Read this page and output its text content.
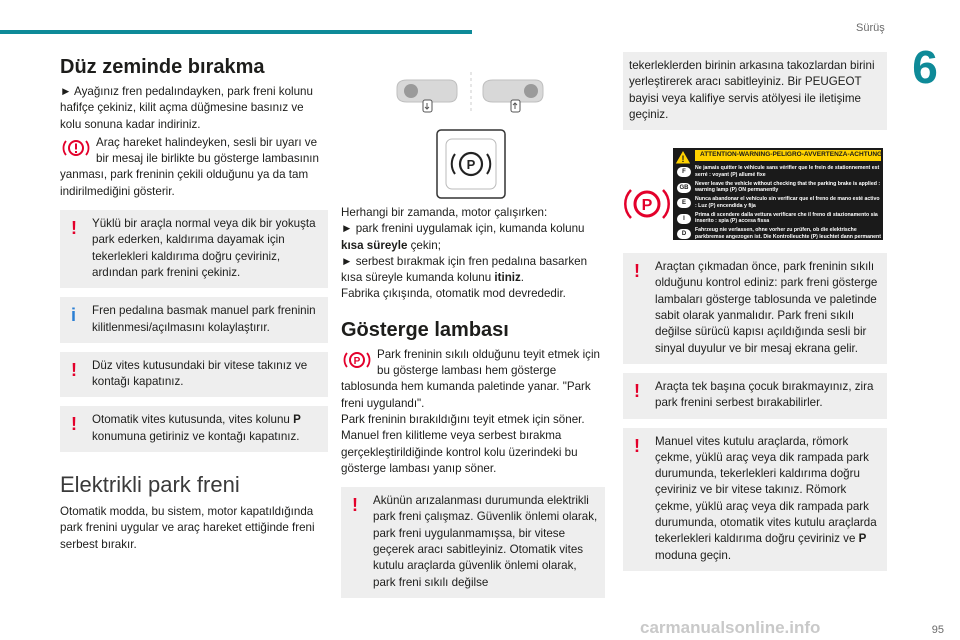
Sürüş
6
Düz zeminde bırakma

► Ayağınız fren pedalındayken, park freni kolunu hafifçe çekiniz, kilit açma düğmesine basınız ve kolu sonuna kadar indiriniz.

Araç hareket halindeyken, sesli bir uyarı ve bir mesaj ile birlikte bu gösterge lambasının yanması, park freninin çekili olduğunu ya da tam indirilmediğini gösterir.

!	Yüklü bir araçla normal veya dik bir yokuşta park ederken, kaldırıma dayamak için tekerlekleri kaldırıma doğru çeviriniz, ardından park frenini çekiniz.

i	Fren pedalına basmak manuel park freninin kilitlenmesi/açılmasını kolaylaştırır.

!	Düz vites kutusundaki bir vitese takınız ve kontağı kapatınız.

!	Otomatik vites kutusunda, vites kolunu P konumuna getiriniz ve kontağı kapatınız.

Elektrikli park freni

Otomatik modda, bu sistem, motor kapatıldığında park frenini uygular ve araç hareket ettiğinde freni serbest bırakır.

P

Herhangi bir zamanda, motor çalışırken:

► park frenini uygulamak için, kumanda kolunu kısa süreyle çekin;

► serbest bırakmak için fren pedalına basarken kısa süreyle kumanda kolunu itiniz.

Fabrika çıkışında, otomatik mod devrededir.

Gösterge lambası
P

Park freninin sıkılı olduğunu teyit etmek için bu gösterge lambası hem gösterge tablosunda hem kumanda paletinde yanar. "Park freni uygulandı".

Park freninin bırakıldığını teyit etmek için söner.

Manuel fren kilitleme veya serbest bırakma gerçekleştirildiğinde kontrol kolu üzerindeki bu gösterge lambası yanıp söner.

!	Akünün arızalanması durumunda elektrikli park freni çalışmaz. Güvenlik önlemi olarak, park freni uygulanmamışsa, bir vitese geçerek aracı sabitleyiniz. Otomatik vites kutulu araçlarda güvenlik önlemi olarak, park freni sıkılı değilse

tekerleklerden birinin arkasına takozlardan birini yerleştirerek aracı sabitleyiniz. Bir PEUGEOT bayisi veya kalifiye servis atölyesi ile iletişime geçiniz.

P
! ATTENTION-WARNING-PELIGRO-AVVERTENZA-ACHTUNG
F
Ne jamais quitter le véhicule sans vérifier que le frein de stationnement est serré : voyant (P) allumé fixe
GB
Never leave the vehicle without checking that the parking brake is applied : warning lamp (P) ON permanently
E
Nunca abandonar el vehículo sin verificar que el freno de mano esté activo : Luz (P) encendida y fija
I
Prima di scendere dalla vettura verificare che il freno di stazionamento sia inserito : spia (P) accesa fissa
D
Fahrzeug nie verlassen, ohne vorher zu prüfen, ob die elektrische parkbremse angezogen ist. Die Kontrolleuchte (P) leuchtet dann permanent
!	Araçtan çıkmadan önce, park freninin sıkılı olduğunu kontrol ediniz: park freni gösterge lambaları gösterge tablosunda ve paletinde sabit olarak yanmalıdır. Park freni sıkılı değilse sürücü kapısı açıldığında sesli bir sinyal duyulur ve bir mesaj ekrana gelir.

!	Araçta tek başına çocuk bırakmayınız, zira park frenini serbest bırakabilirler.

!	Manuel vites kutulu araçlarda, römork çekme, yüklü araç veya dik rampada park durumunda, tekerlekleri kaldırıma doğru çeviriniz ve bir vitese takınız. Römork çekme, yüklü araç veya dik rampada park durumunda, otomatik vites kutulu araçlarda tekerlekleri kaldırıma doğru çeviriniz ve P moduna geçin.

carmanualsonline.info	95
